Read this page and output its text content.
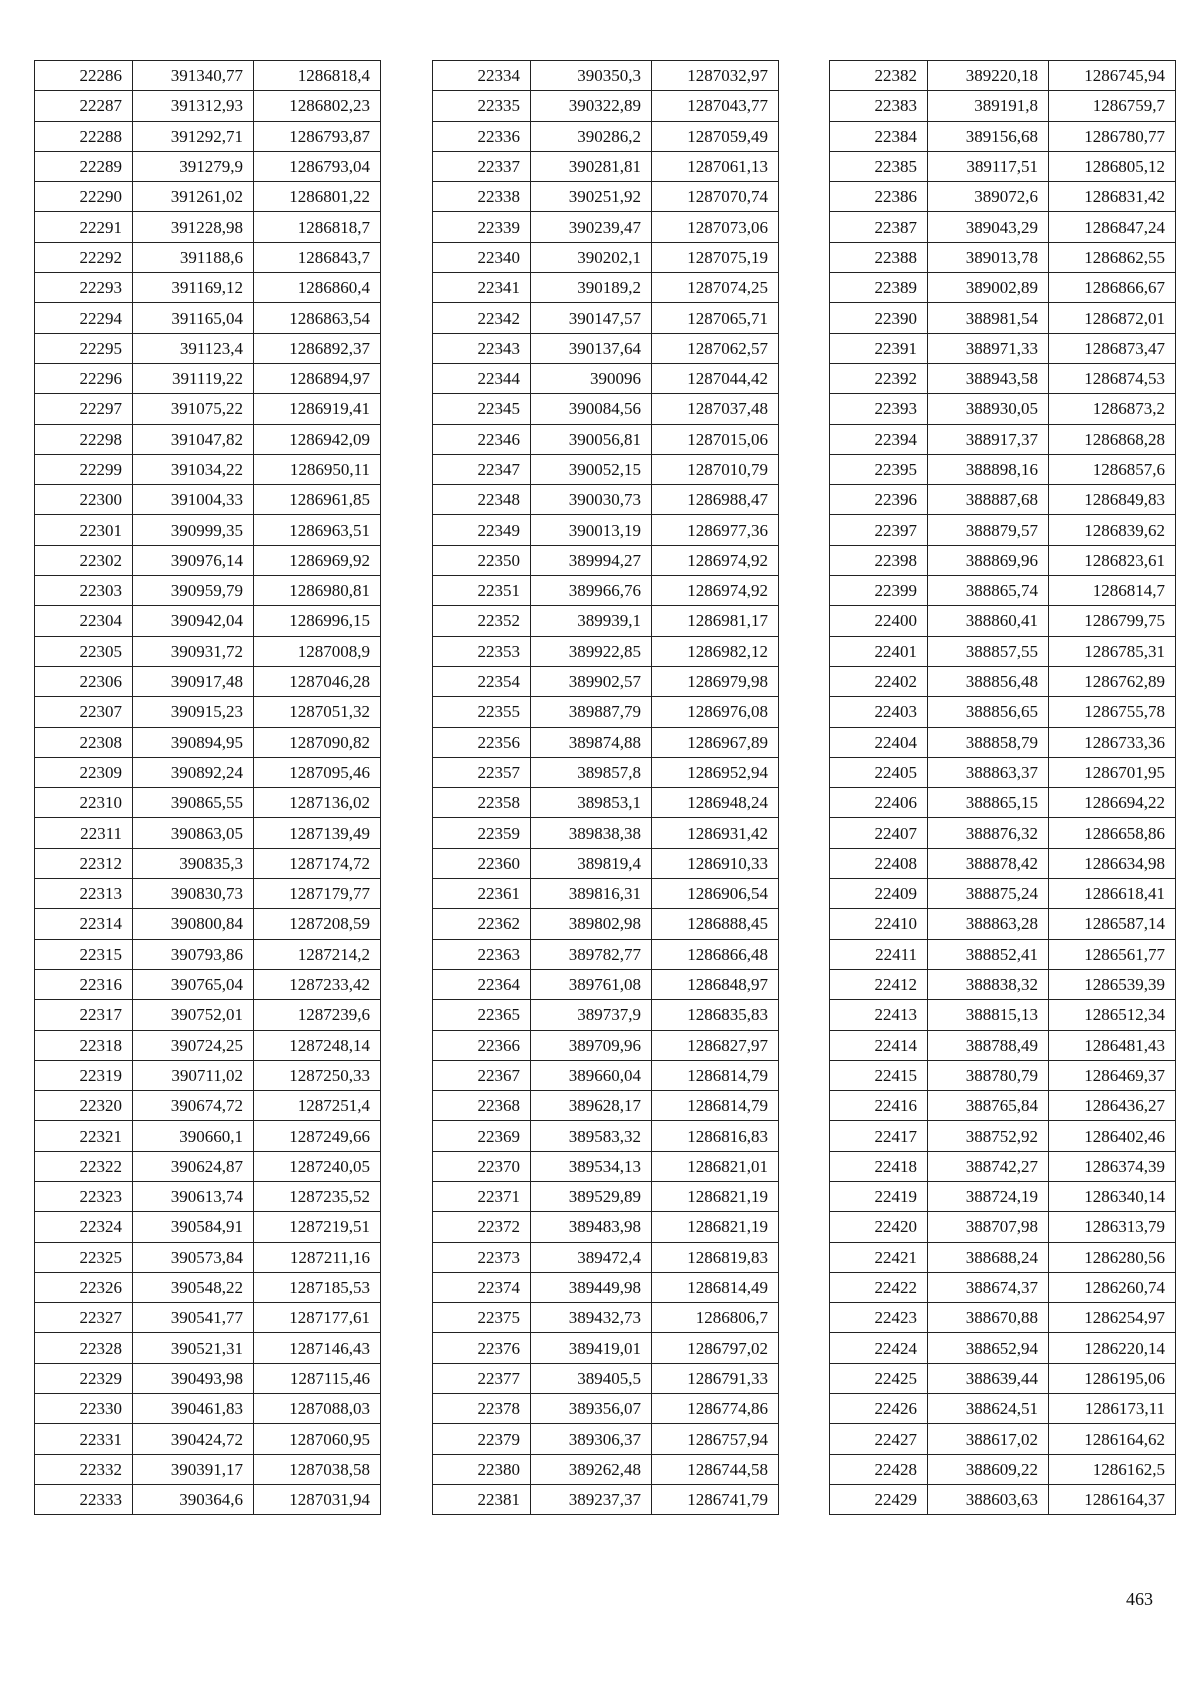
22286	391340,77	1286818,4
22287	391312,93	1286802,23
22288	391292,71	1286793,87
22289	391279,9	1286793,04
22290	391261,02	1286801,22
22291	391228,98	1286818,7
22292	391188,6	1286843,7
22293	391169,12	1286860,4
22294	391165,04	1286863,54
22295	391123,4	1286892,37
22296	391119,22	1286894,97
22297	391075,22	1286919,41
22298	391047,82	1286942,09
22299	391034,22	1286950,11
22300	391004,33	1286961,85
22301	390999,35	1286963,51
22302	390976,14	1286969,92
22303	390959,79	1286980,81
22304	390942,04	1286996,15
22305	390931,72	1287008,9
22306	390917,48	1287046,28
22307	390915,23	1287051,32
22308	390894,95	1287090,82
22309	390892,24	1287095,46
22310	390865,55	1287136,02
22311	390863,05	1287139,49
22312	390835,3	1287174,72
22313	390830,73	1287179,77
22314	390800,84	1287208,59
22315	390793,86	1287214,2
22316	390765,04	1287233,42
22317	390752,01	1287239,6
22318	390724,25	1287248,14
22319	390711,02	1287250,33
22320	390674,72	1287251,4
22321	390660,1	1287249,66
22322	390624,87	1287240,05
22323	390613,74	1287235,52
22324	390584,91	1287219,51
22325	390573,84	1287211,16
22326	390548,22	1287185,53
22327	390541,77	1287177,61
22328	390521,31	1287146,43
22329	390493,98	1287115,46
22330	390461,83	1287088,03
22331	390424,72	1287060,95
22332	390391,17	1287038,58
22333	390364,6	1287031,94
22334	390350,3	1287032,97
22335	390322,89	1287043,77
22336	390286,2	1287059,49
22337	390281,81	1287061,13
22338	390251,92	1287070,74
22339	390239,47	1287073,06
22340	390202,1	1287075,19
22341	390189,2	1287074,25
22342	390147,57	1287065,71
22343	390137,64	1287062,57
22344	390096	1287044,42
22345	390084,56	1287037,48
22346	390056,81	1287015,06
22347	390052,15	1287010,79
22348	390030,73	1286988,47
22349	390013,19	1286977,36
22350	389994,27	1286974,92
22351	389966,76	1286974,92
22352	389939,1	1286981,17
22353	389922,85	1286982,12
22354	389902,57	1286979,98
22355	389887,79	1286976,08
22356	389874,88	1286967,89
22357	389857,8	1286952,94
22358	389853,1	1286948,24
22359	389838,38	1286931,42
22360	389819,4	1286910,33
22361	389816,31	1286906,54
22362	389802,98	1286888,45
22363	389782,77	1286866,48
22364	389761,08	1286848,97
22365	389737,9	1286835,83
22366	389709,96	1286827,97
22367	389660,04	1286814,79
22368	389628,17	1286814,79
22369	389583,32	1286816,83
22370	389534,13	1286821,01
22371	389529,89	1286821,19
22372	389483,98	1286821,19
22373	389472,4	1286819,83
22374	389449,98	1286814,49
22375	389432,73	1286806,7
22376	389419,01	1286797,02
22377	389405,5	1286791,33
22378	389356,07	1286774,86
22379	389306,37	1286757,94
22380	389262,48	1286744,58
22381	389237,37	1286741,79
22382	389220,18	1286745,94
22383	389191,8	1286759,7
22384	389156,68	1286780,77
22385	389117,51	1286805,12
22386	389072,6	1286831,42
22387	389043,29	1286847,24
22388	389013,78	1286862,55
22389	389002,89	1286866,67
22390	388981,54	1286872,01
22391	388971,33	1286873,47
22392	388943,58	1286874,53
22393	388930,05	1286873,2
22394	388917,37	1286868,28
22395	388898,16	1286857,6
22396	388887,68	1286849,83
22397	388879,57	1286839,62
22398	388869,96	1286823,61
22399	388865,74	1286814,7
22400	388860,41	1286799,75
22401	388857,55	1286785,31
22402	388856,48	1286762,89
22403	388856,65	1286755,78
22404	388858,79	1286733,36
22405	388863,37	1286701,95
22406	388865,15	1286694,22
22407	388876,32	1286658,86
22408	388878,42	1286634,98
22409	388875,24	1286618,41
22410	388863,28	1286587,14
22411	388852,41	1286561,77
22412	388838,32	1286539,39
22413	388815,13	1286512,34
22414	388788,49	1286481,43
22415	388780,79	1286469,37
22416	388765,84	1286436,27
22417	388752,92	1286402,46
22418	388742,27	1286374,39
22419	388724,19	1286340,14
22420	388707,98	1286313,79
22421	388688,24	1286280,56
22422	388674,37	1286260,74
22423	388670,88	1286254,97
22424	388652,94	1286220,14
22425	388639,44	1286195,06
22426	388624,51	1286173,11
22427	388617,02	1286164,62
22428	388609,22	1286162,5
22429	388603,63	1286164,37
463
